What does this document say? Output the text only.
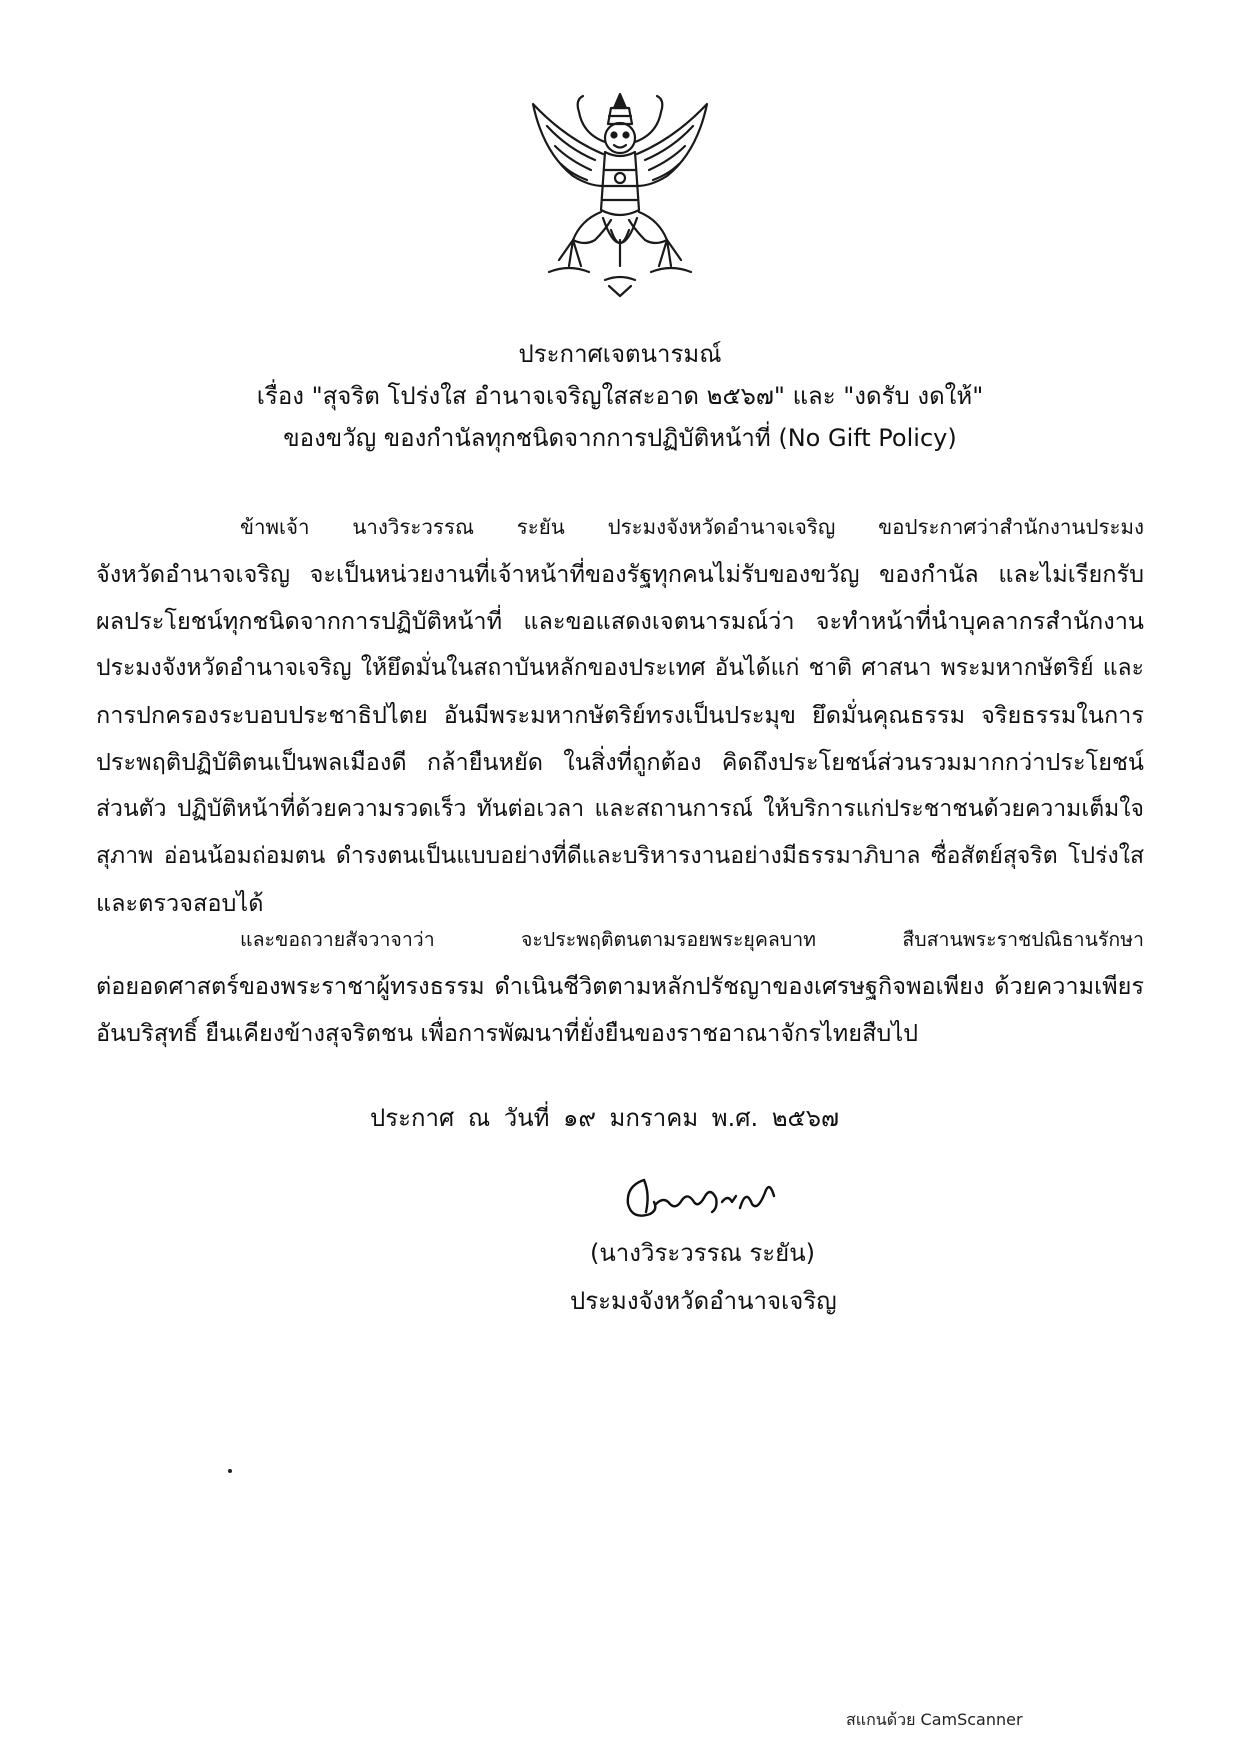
ประกาศเจตนารมณ์
เรื่อง "สุจริต โปร่งใส อำนาจเจริญใสสะอาด ๒๕๖๗" และ "งดรับ งดให้"
ของขวัญ ของกำนัลทุกชนิดจากการปฏิบัติหน้าที่ (No Gift Policy)
ข้าพเจ้า นางวิระวรรณ ระยัน ประมงจังหวัดอำนาจเจริญ ขอประกาศว่าสำนักงานประมง
จังหวัดอำนาจเจริญ จะเป็นหน่วยงานที่เจ้าหน้าที่ของรัฐทุกคนไม่รับของขวัญ ของกำนัล และไม่เรียกรับ
ผลประโยชน์ทุกชนิดจากการปฏิบัติหน้าที่ และขอแสดงเจตนารมณ์ว่า จะทำหน้าที่นำบุคลากรสำนักงาน
ประมงจังหวัดอำนาจเจริญ ให้ยึดมั่นในสถาบันหลักของประเทศ อันได้แก่ ชาติ ศาสนา พระมหากษัตริย์ และ
การปกครองระบอบประชาธิปไตย อันมีพระมหากษัตริย์ทรงเป็นประมุข ยึดมั่นคุณธรรม จริยธรรมในการ
ประพฤติปฏิบัติตนเป็นพลเมืองดี กล้ายืนหยัด ในสิ่งที่ถูกต้อง คิดถึงประโยชน์ส่วนรวมมากกว่าประโยชน์
ส่วนตัว ปฏิบัติหน้าที่ด้วยความรวดเร็ว ทันต่อเวลา และสถานการณ์ ให้บริการแก่ประชาชนด้วยความเต็มใจ
สุภาพ อ่อนน้อมถ่อมตน ดำรงตนเป็นแบบอย่างที่ดีและบริหารงานอย่างมีธรรมาภิบาล ซื่อสัตย์สุจริต โปร่งใส
และตรวจสอบได้
และขอถวายสัจวาจาว่า จะประพฤติตนตามรอยพระยุคลบาท สืบสานพระราชปณิธานรักษา
ต่อยอดศาสตร์ของพระราชาผู้ทรงธรรม ดำเนินชีวิตตามหลักปรัชญาของเศรษฐกิจพอเพียง ด้วยความเพียร
อันบริสุทธิ์ ยืนเคียงข้างสุจริตชน เพื่อการพัฒนาที่ยั่งยืนของราชอาณาจักรไทยสืบไป
ประกาศ ณ วันที่ ๑๙ มกราคม พ.ศ. ๒๕๖๗
(นางวิระวรรณ ระยัน)
ประมงจังหวัดอำนาจเจริญ
สแกนด้วย CamScanner
